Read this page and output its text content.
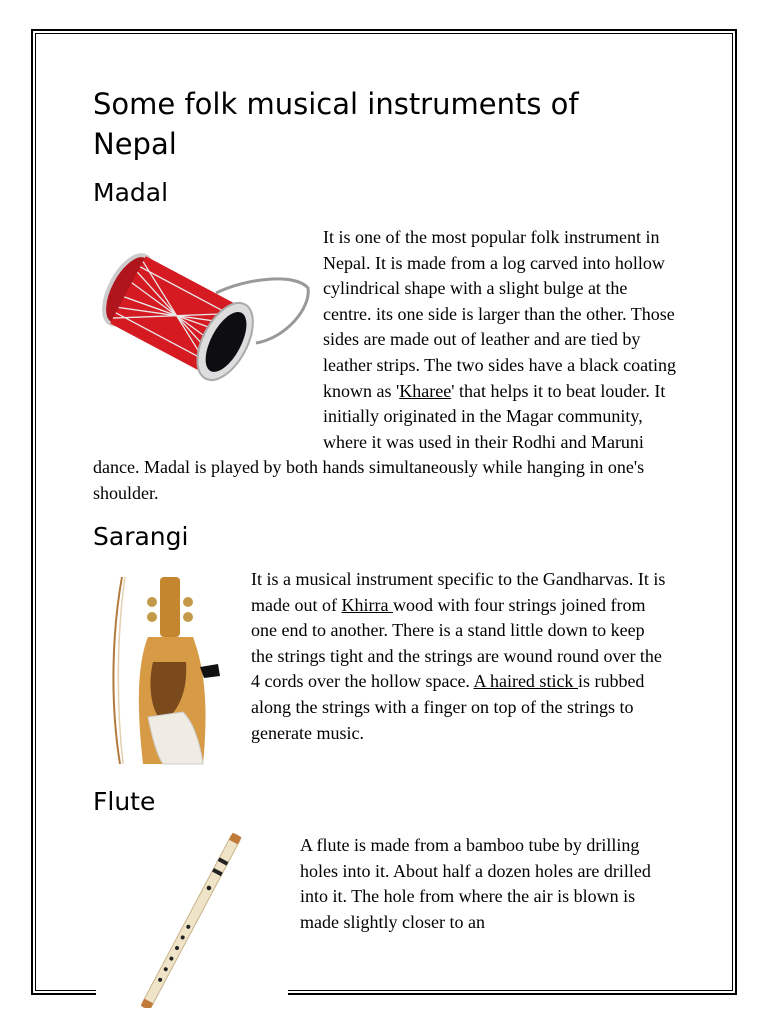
Some folk musical instruments of Nepal
Madal

It is one of the most popular folk instrument in Nepal. It is made from a log carved into hollow cylindrical shape with a slight bulge at the centre. its one side is larger than the other. Those sides are made out of leather and are tied by leather strips. The two sides have a black coating known as 'Kharee' that helps it to beat louder. It initially originated in the Magar community, where it was used in their Rodhi and Maruni dance. Madal is played by both hands simultaneously while hanging in one's shoulder.

Sarangi

It is a musical instrument specific to the Gandharvas. It is made out of Khirra wood with four strings joined from one end to another. There is a stand little down to keep the strings tight and the strings are wound round over the 4 cords over the hollow space. A haired stick is rubbed along the strings with a finger on top of the strings to generate music.

Flute

A flute is made from a bamboo tube by drilling holes into it. About half a dozen holes are drilled into it. The hole from where the air is blown is made slightly closer to an
